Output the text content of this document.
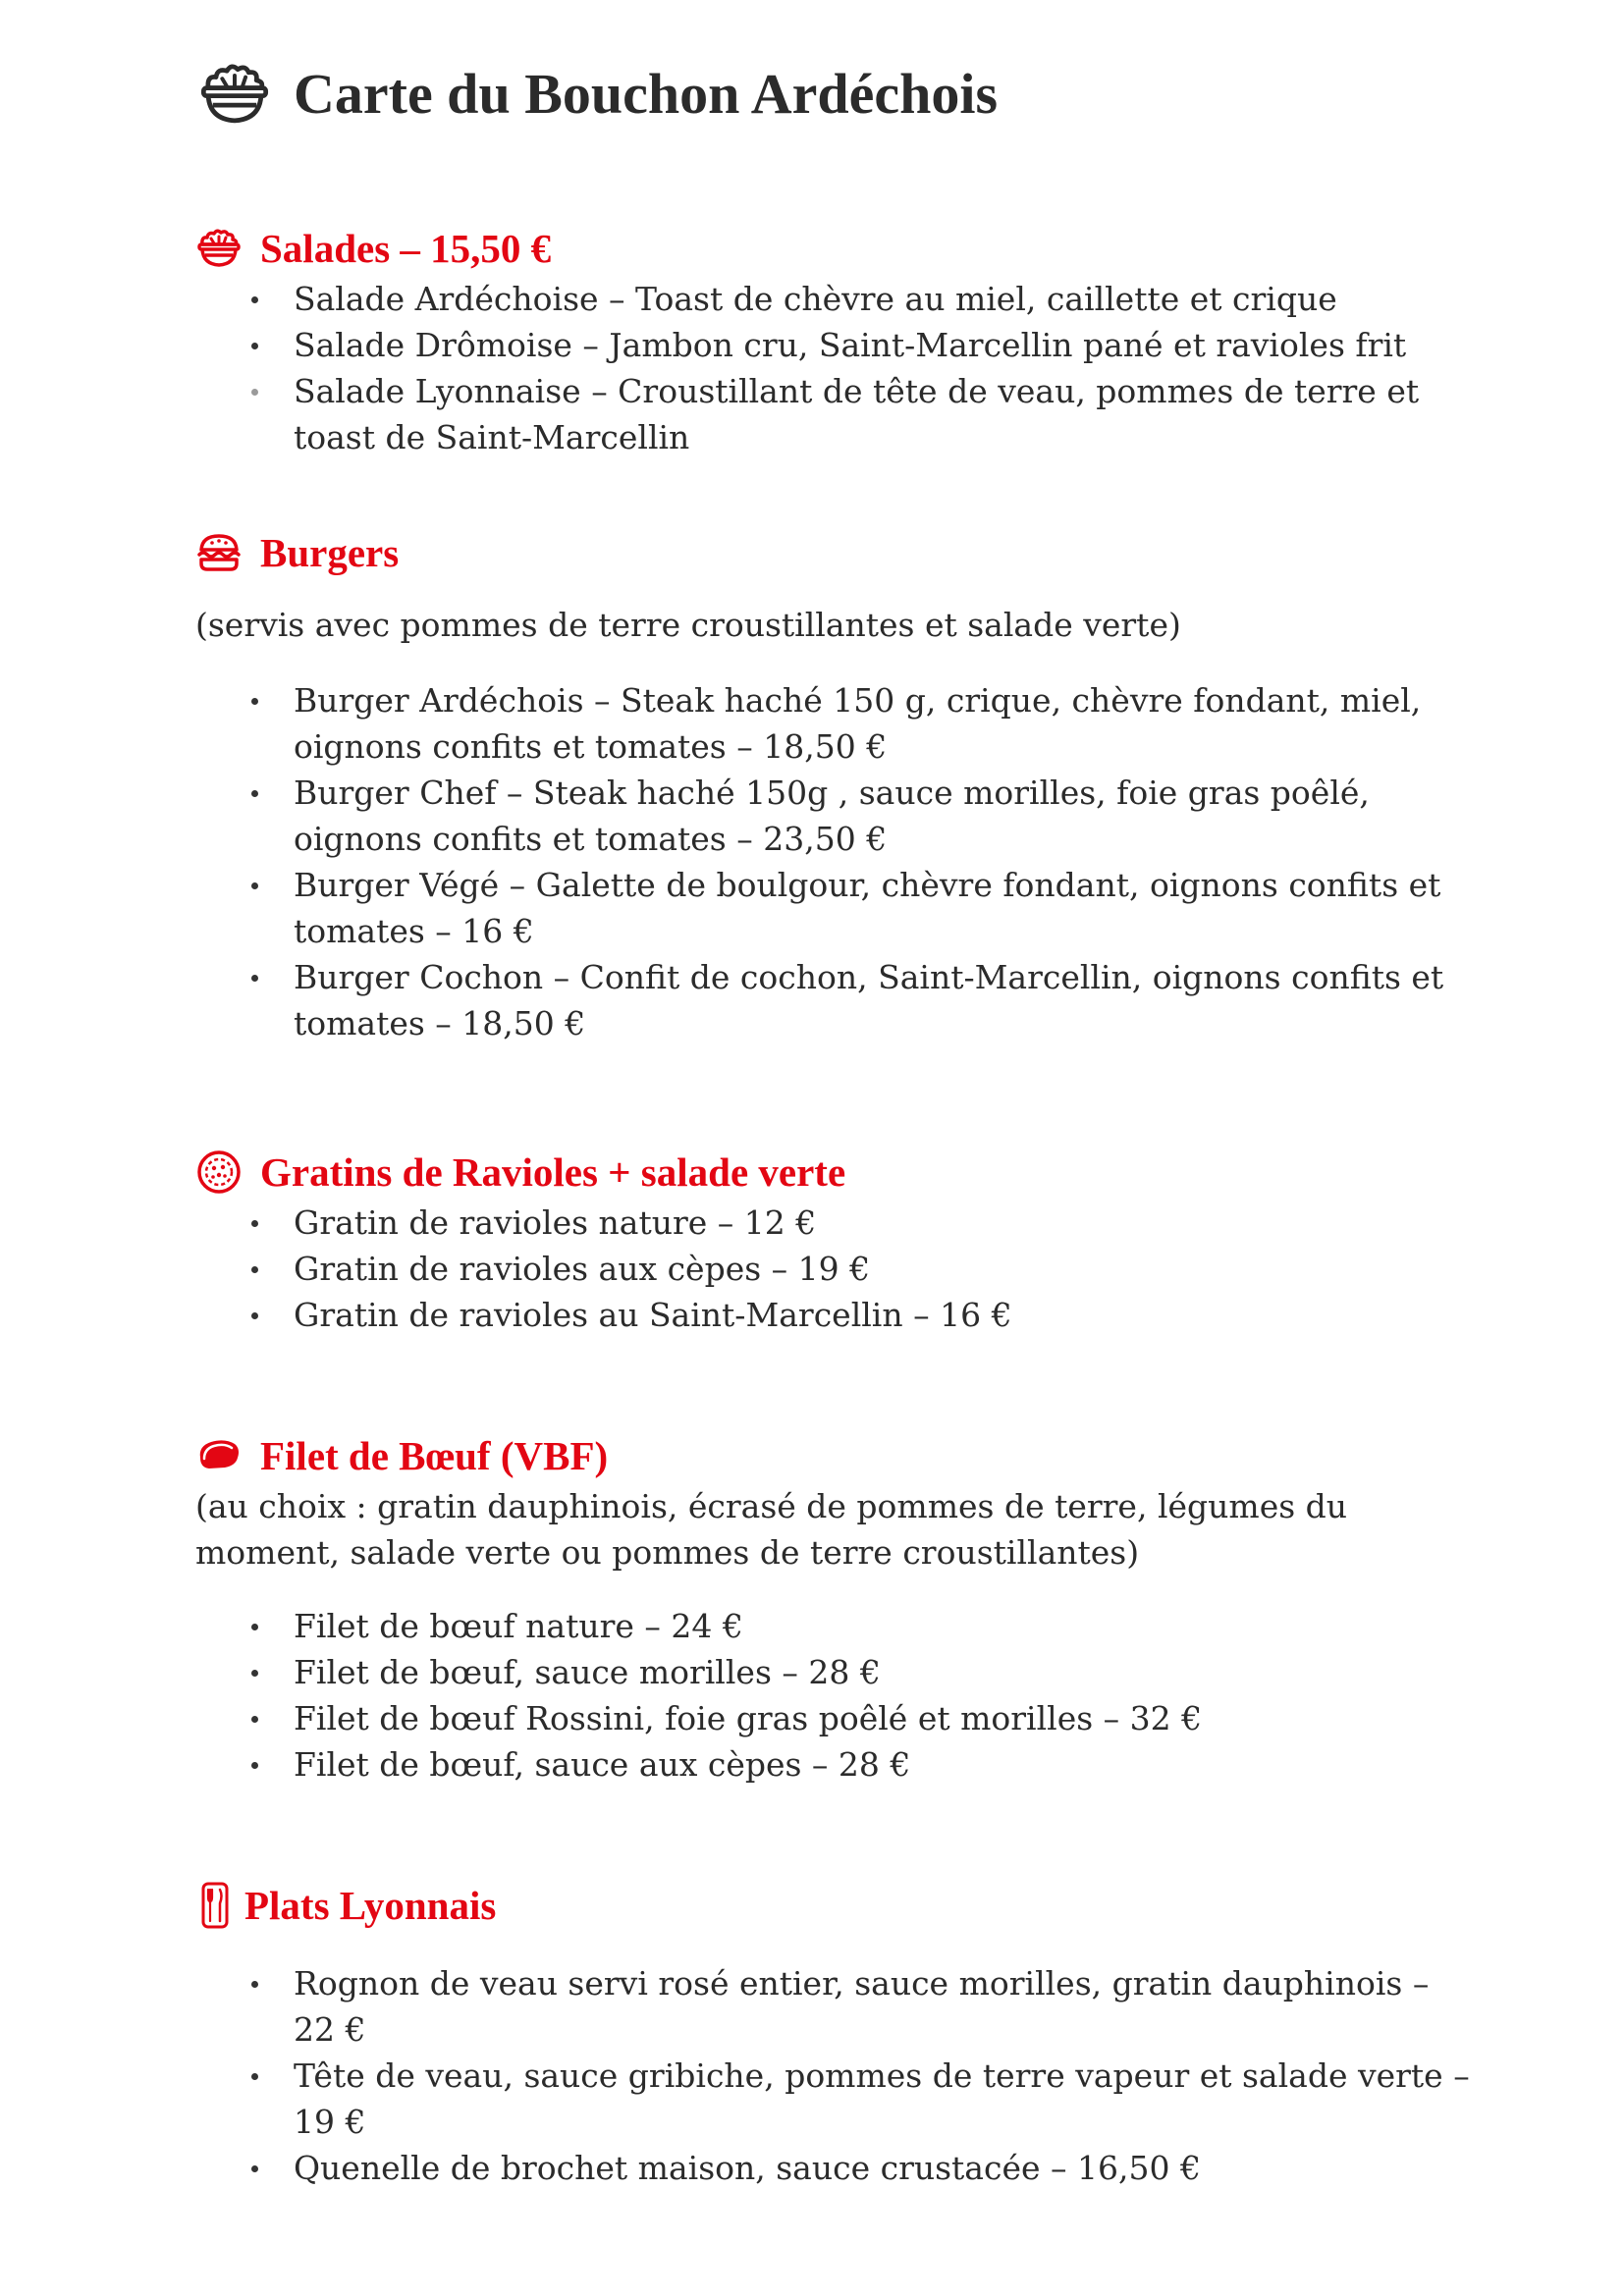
Carte du Bouchon Ardéchois
Salades – 15,50 €
Salade Ardéchoise – Toast de chèvre au miel, caillette et crique
Salade Drômoise – Jambon cru, Saint-Marcellin pané et ravioles frit
Salade Lyonnaise – Croustillant de tête de veau, pommes de terre et toast de Saint-Marcellin
Burgers

(servis avec pommes de terre croustillantes et salade verte)

Burger Ardéchois – Steak haché 150 g, crique, chèvre fondant, miel, oignons confits et tomates – 18,50 €
Burger Chef – Steak haché 150g , sauce morilles, foie gras poêlé, oignons confits et tomates – 23,50 €
Burger Végé – Galette de boulgour, chèvre fondant, oignons confits et tomates – 16 €
Burger Cochon – Confit de cochon, Saint-Marcellin, oignons confits et tomates – 18,50 €
Gratins de Ravioles + salade verte
Gratin de ravioles nature – 12 €
Gratin de ravioles aux cèpes – 19 €
Gratin de ravioles au Saint-Marcellin – 16 €
Filet de Bœuf (VBF)

(au choix : gratin dauphinois, écrasé de pommes de terre, légumes du moment, salade verte ou pommes de terre croustillantes)

Filet de bœuf nature – 24 €
Filet de bœuf, sauce morilles – 28 €
Filet de bœuf Rossini, foie gras poêlé et morilles – 32 €
Filet de bœuf, sauce aux cèpes – 28 €
Plats Lyonnais
Rognon de veau servi rosé entier, sauce morilles, gratin dauphinois – 22 €
Tête de veau, sauce gribiche, pommes de terre vapeur et salade verte – 19 €
Quenelle de brochet maison, sauce crustacée – 16,50 €
